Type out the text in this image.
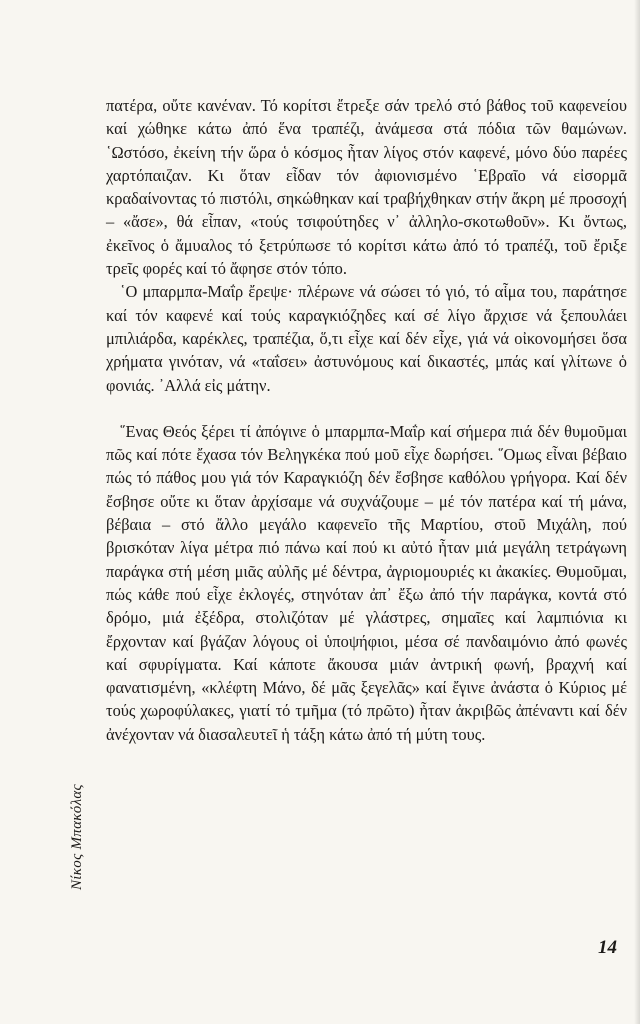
πατέρα, οὔτε κανέναν. Τό κορίτσι ἔτρεξε σάν τρελό στό βάθος τοῦ καφενείου καί χώθηκε κάτω ἀπό ἕνα τραπέζι, ἀνάμεσα στά πόδια τῶν θαμώνων. ῾Ωστόσο, ἐκείνη τήν ὥρα ὁ κόσμος ἦταν λίγος στόν καφενέ, μόνο δύο παρέες χαρτόπαιζαν. Κι ὅταν εἶδαν τόν ἀφιονισμένο ῾Εβραῖο νά εἰσορμᾶ κραδαίνοντας τό πιστόλι, σηκώθηκαν καί τραβήχθηκαν στήν ἄκρη μέ προσοχή – «ἄσε», θά εἶπαν, «τούς τσιφούτηδες ν᾽ ἀλληλο-σκοτωθοῦν». Κι ὄντως, ἐκεῖνος ὁ ἄμυαλος τό ξετρύπωσε τό κορίτσι κάτω ἀπό τό τραπέζι, τοῦ ἔριξε τρεῖς φορές καί τό ἄφησε στόν τόπο.

῾Ο μπαρμπα-Μαΐρ ἔρεψε· πλέρωνε νά σώσει τό γιό, τό αἷμα του, παράτησε καί τόν καφενέ καί τούς καραγκιόζηδες καί σέ λίγο ἄρχισε νά ξεπουλάει μπιλιάρδα, καρέκλες, τραπέζια, ὅ,τι εἶχε καί δέν εἶχε, γιά νά οἰκονομήσει ὅσα χρήματα γινόταν, νά «ταΐσει» ἀστυνόμους καί δικαστές, μπάς καί γλίτωνε ὁ φονιάς. ᾽Αλλά εἰς μάτην.

῞Ενας Θεός ξέρει τί ἀπόγινε ὁ μπαρμπα-Μαΐρ καί σήμερα πιά δέν θυμοῦμαι πῶς καί πότε ἔχασα τόν Βεληγκέκα πού μοῦ εἶχε δωρήσει. ῞Ομως εἶναι βέβαιο πώς τό πάθος μου γιά τόν Καραγκιόζη δέν ἔσβησε καθόλου γρήγορα. Καί δέν ἔσβησε οὔτε κι ὅταν ἀρχίσαμε νά συχνάζουμε – μέ τόν πατέρα καί τή μάνα, βέβαια – στό ἄλλο μεγάλο καφενεῖο τῆς Μαρτίου, στοῦ Μιχάλη, πού βρισκόταν λίγα μέτρα πιό πάνω καί πού κι αὐτό ἦταν μιά μεγάλη τετράγωνη παράγκα στή μέση μιᾶς αὐλῆς μέ δέντρα, ἀγριομουριές κι ἀκακίες. Θυμοῦμαι, πώς κάθε πού εἶχε ἐκλογές, στηνόταν ἀπ᾽ ἔξω ἀπό τήν παράγκα, κοντά στό δρόμο, μιά ἐξέδρα, στολιζόταν μέ γλάστρες, σημαῖες καί λαμπιόνια κι ἔρχονταν καί βγάζαν λόγους οἱ ὑποψήφιοι, μέσα σέ πανδαιμόνιο ἀπό φωνές καί σφυρίγματα. Καί κάποτε ἄκουσα μιάν ἀντρική φωνή, βραχνή καί φανατισμένη, «κλέφτη Μάνο, δέ μᾶς ξεγελᾶς» καί ἔγινε ἀνάστα ὁ Κύριος μέ τούς χωροφύλακες, γιατί τό τμῆμα (τό πρῶτο) ἦταν ἀκριβῶς ἀπέναντι καί δέν ἀνέχονταν νά διασαλευτεῖ ἡ τάξη κάτω ἀπό τή μύτη τους.

Νίκος Μπακόλας
14
